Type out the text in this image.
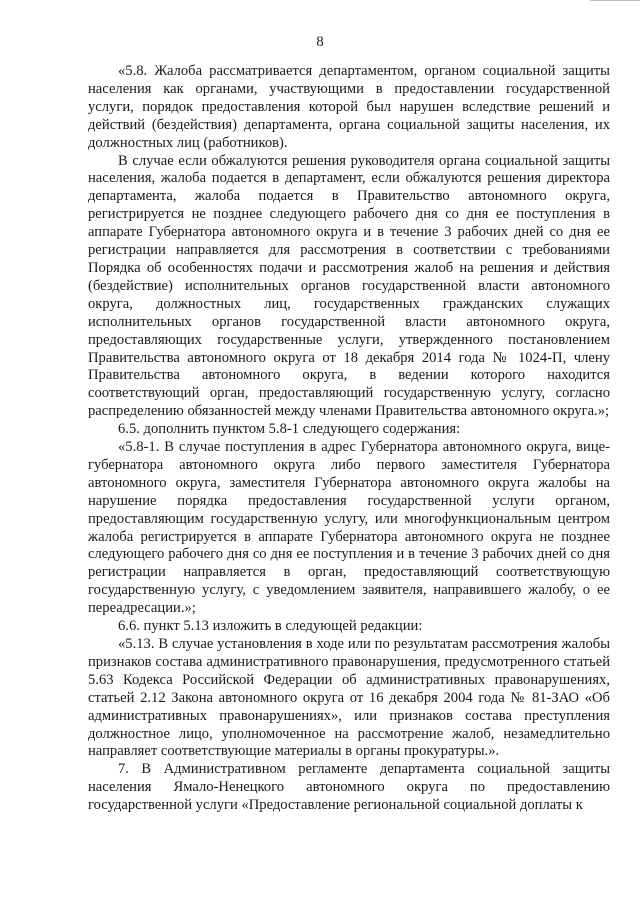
8

«5.8. Жалоба рассматривается департаментом, органом социальной защиты населения как органами, участвующими в предоставлении государственной услуги, порядок предоставления которой был нарушен вследствие решений и действий (бездействия) департамента, органа социальной защиты населения, их должностных лиц (работников).

В случае если обжалуются решения руководителя органа социальной защиты населения, жалоба подается в департамент, если обжалуются решения директора департамента, жалоба подается в Правительство автономного округа, регистрируется не позднее следующего рабочего дня со дня ее поступления в аппарате Губернатора автономного округа и в течение 3 рабочих дней со дня ее регистрации направляется для рассмотрения в соответствии с требованиями Порядка об особенностях подачи и рассмотрения жалоб на решения и действия (бездействие) исполнительных органов государственной власти автономного округа, должностных лиц, государственных гражданских служащих исполнительных органов государственной власти автономного округа, предоставляющих государственные услуги, утвержденного постановлением Правительства автономного округа от 18 декабря 2014 года № 1024-П, члену Правительства автономного округа, в ведении которого находится соответствующий орган, предоставляющий государственную услугу, согласно распределению обязанностей между членами Правительства автономного округа.»;

6.5. дополнить пунктом 5.8-1 следующего содержания:

«5.8-1. В случае поступления в адрес Губернатора автономного округа, вице-губернатора автономного округа либо первого заместителя Губернатора автономного округа, заместителя Губернатора автономного округа жалобы на нарушение порядка предоставления государственной услуги органом, предоставляющим государственную услугу, или многофункциональным центром жалоба регистрируется в аппарате Губернатора автономного округа не позднее следующего рабочего дня со дня ее поступления и в течение 3 рабочих дней со дня регистрации направляется в орган, предоставляющий соответствующую государственную услугу, с уведомлением заявителя, направившего жалобу, о ее переадресации.»;

6.6. пункт 5.13 изложить в следующей редакции:

«5.13. В случае установления в ходе или по результатам рассмотрения жалобы признаков состава административного правонарушения, предусмотренного статьей 5.63 Кодекса Российской Федерации об административных правонарушениях, статьей 2.12 Закона автономного округа от 16 декабря 2004 года № 81-ЗАО «Об административных правонарушениях», или признаков состава преступления должностное лицо, уполномоченное на рассмотрение жалоб, незамедлительно направляет соответствующие материалы в органы прокуратуры.».

7. В Административном регламенте департамента социальной защиты населения Ямало-Ненецкого автономного округа по предоставлению государственной услуги «Предоставление региональной социальной доплаты к
